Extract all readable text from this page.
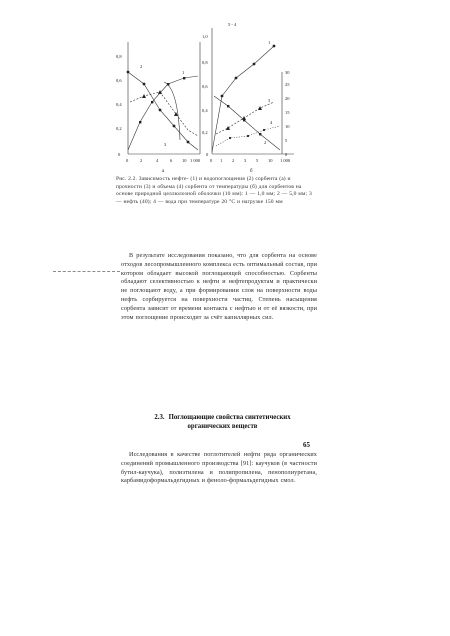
0
0,2
0,4
0,6
0,8
0	2	4	6 10 1 000
а
2
1
3
0
0,2
0,4
0,6
0,8
1,0
0
5
10
15
20
25
30
5 - 4
0 1 2 3 5 10 1 000
б
1
2
3
4
Рис. 2.2. Зависимость нефте- (1) и водопоглощения (2) сорбента (а) и прочности (3) и объема (4) сорбента от температуры (б) для сорбентов на основе природной целлюлозной оболочки (10 мм): 1 — 1,0 мм; 2 — 5,0 мм; 3 — нефть (40); 4 — вода при температуре 20 °С и нагрузке 150 мм
В результате исследования показано, что для сорбента на основе отходов лесопромышленного комплекса есть оптимальный состав, при котором обладает высокой поглощающей способностью. Сорбенты обладают селективностью к нефти и нефтепродуктам и практически не поглощают воду, а при формировании слоя на поверхности воды нефть сорбируется на поверхности частиц. Степень насыщения сорбента зависит от времени контакта с нефтью и от её вязкости, при этом поглощение происходит за счёт капиллярных сил.
2.3. Поглощающие свойства синтетических органических веществ
65
Исследования в качестве поглотителей нефти ряда органических соединений промышленного производства [91]: каучуков (в частности бутил-каучука), полиэтилена и полипропилена, пенополиуретана, карбамидоформальдегидных и феноло-формальдегидных смол.
